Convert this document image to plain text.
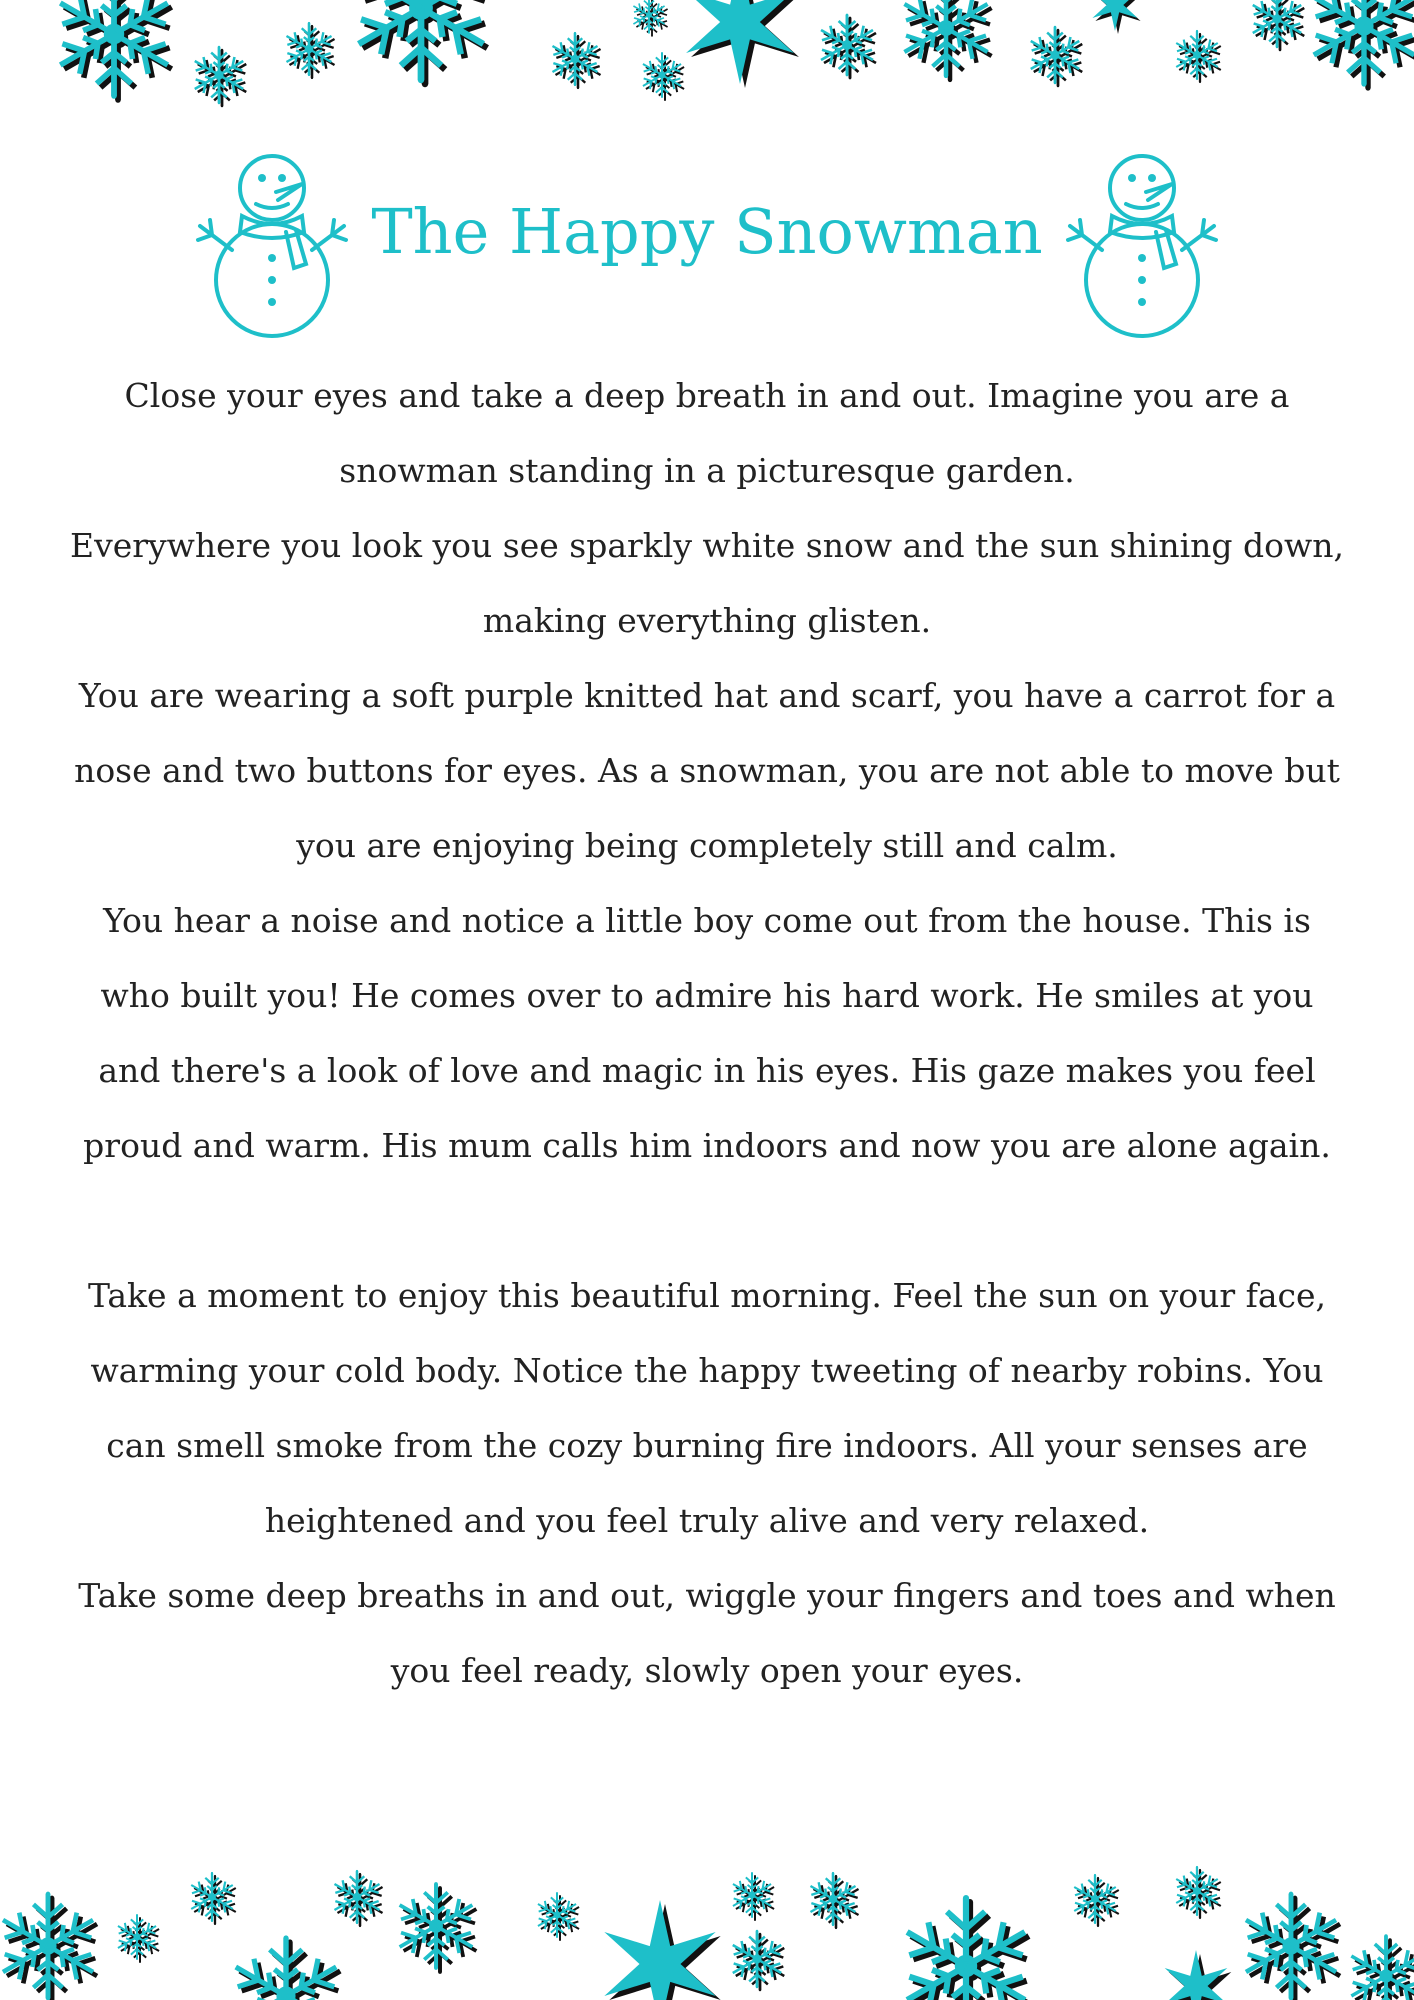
The Happy Snowman

Close your eyes and take a deep breath in and out. Imagine you are a snowman standing in a picturesque garden.

Everywhere you look you see sparkly white snow and the sun shining down, making everything glisten.

You are wearing a soft purple knitted hat and scarf, you have a carrot for a nose and two buttons for eyes. As a snowman, you are not able to move but you are enjoying being completely still and calm.

You hear a noise and notice a little boy come out from the house. This is who built you! He comes over to admire his hard work. He smiles at you and there's a look of love and magic in his eyes. His gaze makes you feel proud and warm. His mum calls him indoors and now you are alone again.

Take a moment to enjoy this beautiful morning. Feel the sun on your face, warming your cold body. Notice the happy tweeting of nearby robins. You can smell smoke from the cozy burning fire indoors. All your senses are heightened and you feel truly alive and very relaxed.

Take some deep breaths in and out, wiggle your fingers and toes and when you feel ready, slowly open your eyes.
